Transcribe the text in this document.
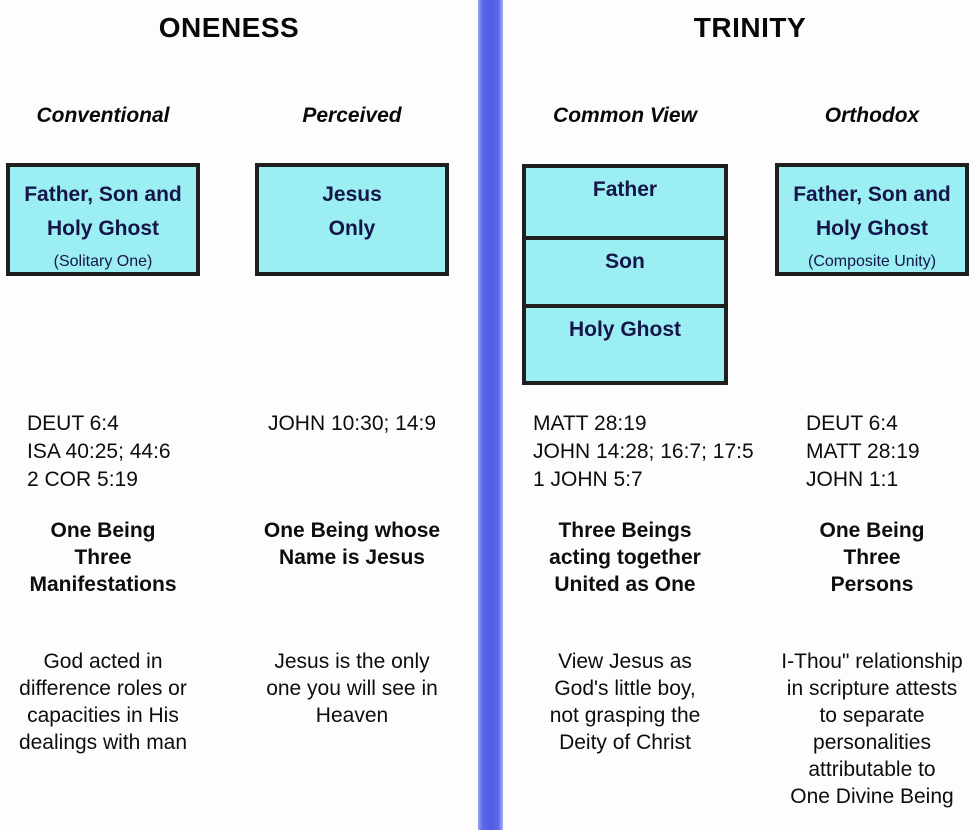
ONENESS	TRINITY
Conventional
Father, Son and
Holy Ghost
(Solitary One)
DEUT 6:4
ISA 40:25; 44:6
2 COR 5:19
One Being
Three
Manifestations
God acted in
difference roles or
capacities in His
dealings with man
Perceived
Jesus
Only
JOHN 10:30; 14:9
One Being whose
Name is Jesus
Jesus is the only
one you will see in
Heaven
Common View
Father
Son
Holy Ghost
MATT 28:19
JOHN 14:28; 16:7; 17:5
1 JOHN 5:7
Three Beings
acting together
United as One
View Jesus as
God's little boy,
not grasping the
Deity of Christ
Orthodox
Father, Son and
Holy Ghost
(Composite Unity)
DEUT 6:4
MATT 28:19
JOHN 1:1
One Being
Three
Persons
I-Thou" relationship
in scripture attests
to separate
personalities
attributable to
One Divine Being
